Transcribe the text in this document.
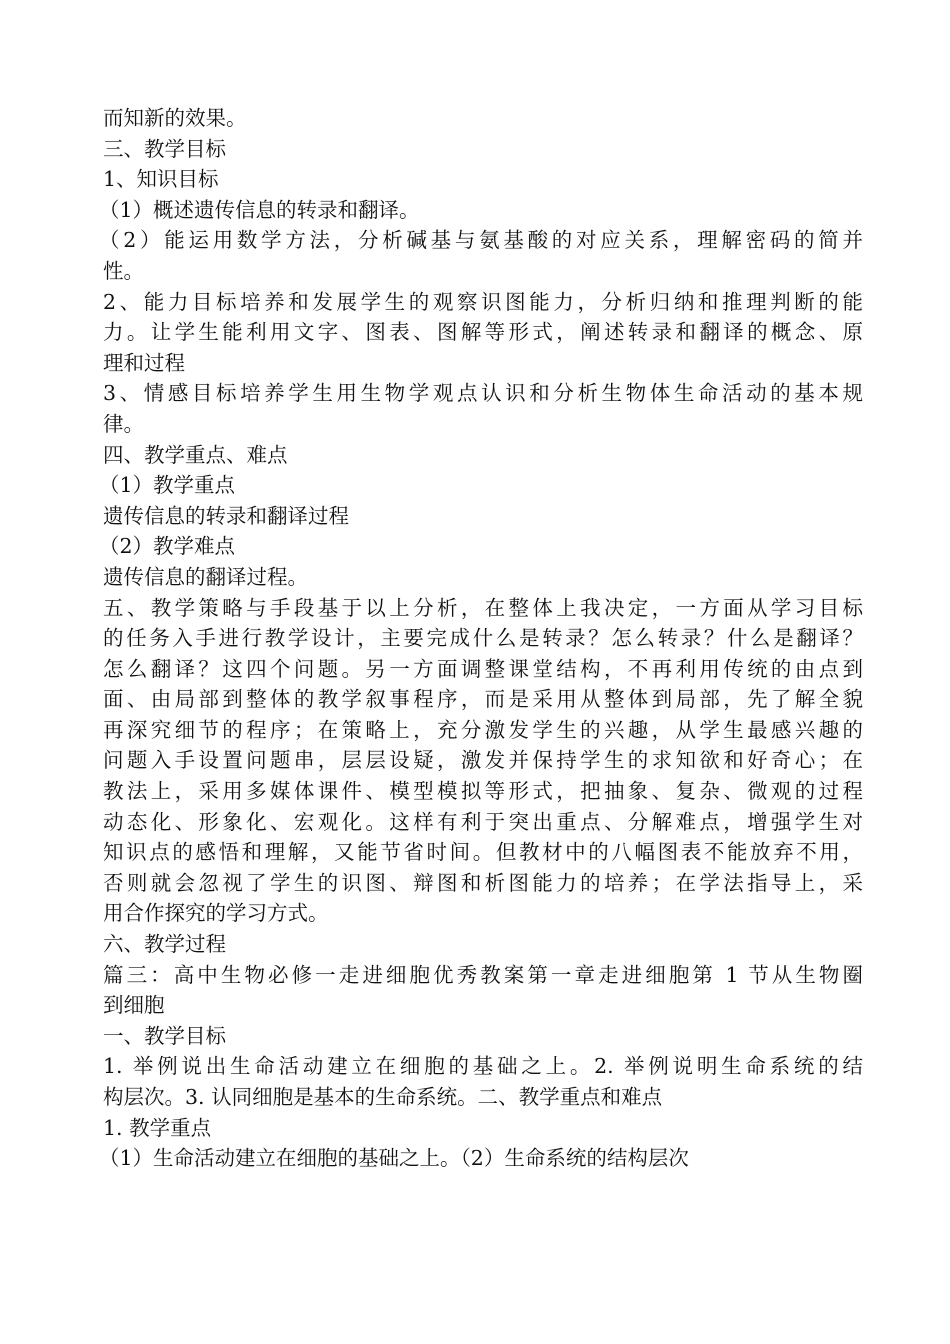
而知新的效果。
三、教学目标
1、知识目标
（1）概述遗传信息的转录和翻译。
（2）能运用数学方法，分析碱基与氨基酸的对应关系，理解密码的简并
性。
2、能力目标培养和发展学生的观察识图能力，分析归纳和推理判断的能
力。让学生能利用文字、图表、图解等形式，阐述转录和翻译的概念、原
理和过程
3、情感目标培养学生用生物学观点认识和分析生物体生命活动的基本规
律。
四、教学重点、难点
（1）教学重点
遗传信息的转录和翻译过程
（2）教学难点
遗传信息的翻译过程。
五、教学策略与手段基于以上分析，在整体上我决定，一方面从学习目标
的任务入手进行教学设计，主要完成什么是转录？怎么转录？什么是翻译？
怎么翻译？这四个问题。另一方面调整课堂结构，不再利用传统的由点到
面、由局部到整体的教学叙事程序，而是采用从整体到局部，先了解全貌
再深究细节的程序；在策略上，充分激发学生的兴趣，从学生最感兴趣的
问题入手设置问题串，层层设疑，激发并保持学生的求知欲和好奇心；在
教法上，采用多媒体课件、模型模拟等形式，把抽象、复杂、微观的过程
动态化、形象化、宏观化。这样有利于突出重点、分解难点，增强学生对
知识点的感悟和理解，又能节省时间。但教材中的八幅图表不能放弃不用，
否则就会忽视了学生的识图、辩图和析图能力的培养；在学法指导上，采
用合作探究的学习方式。
六、教学过程
篇三：高中生物必修一走进细胞优秀教案第一章走进细胞第 1 节从生物圈
到细胞
一、教学目标
1. 举例说出生命活动建立在细胞的基础之上。2. 举例说明生命系统的结
构层次。3. 认同细胞是基本的生命系统。二、教学重点和难点
1. 教学重点
（1）生命活动建立在细胞的基础之上。（2）生命系统的结构层次
